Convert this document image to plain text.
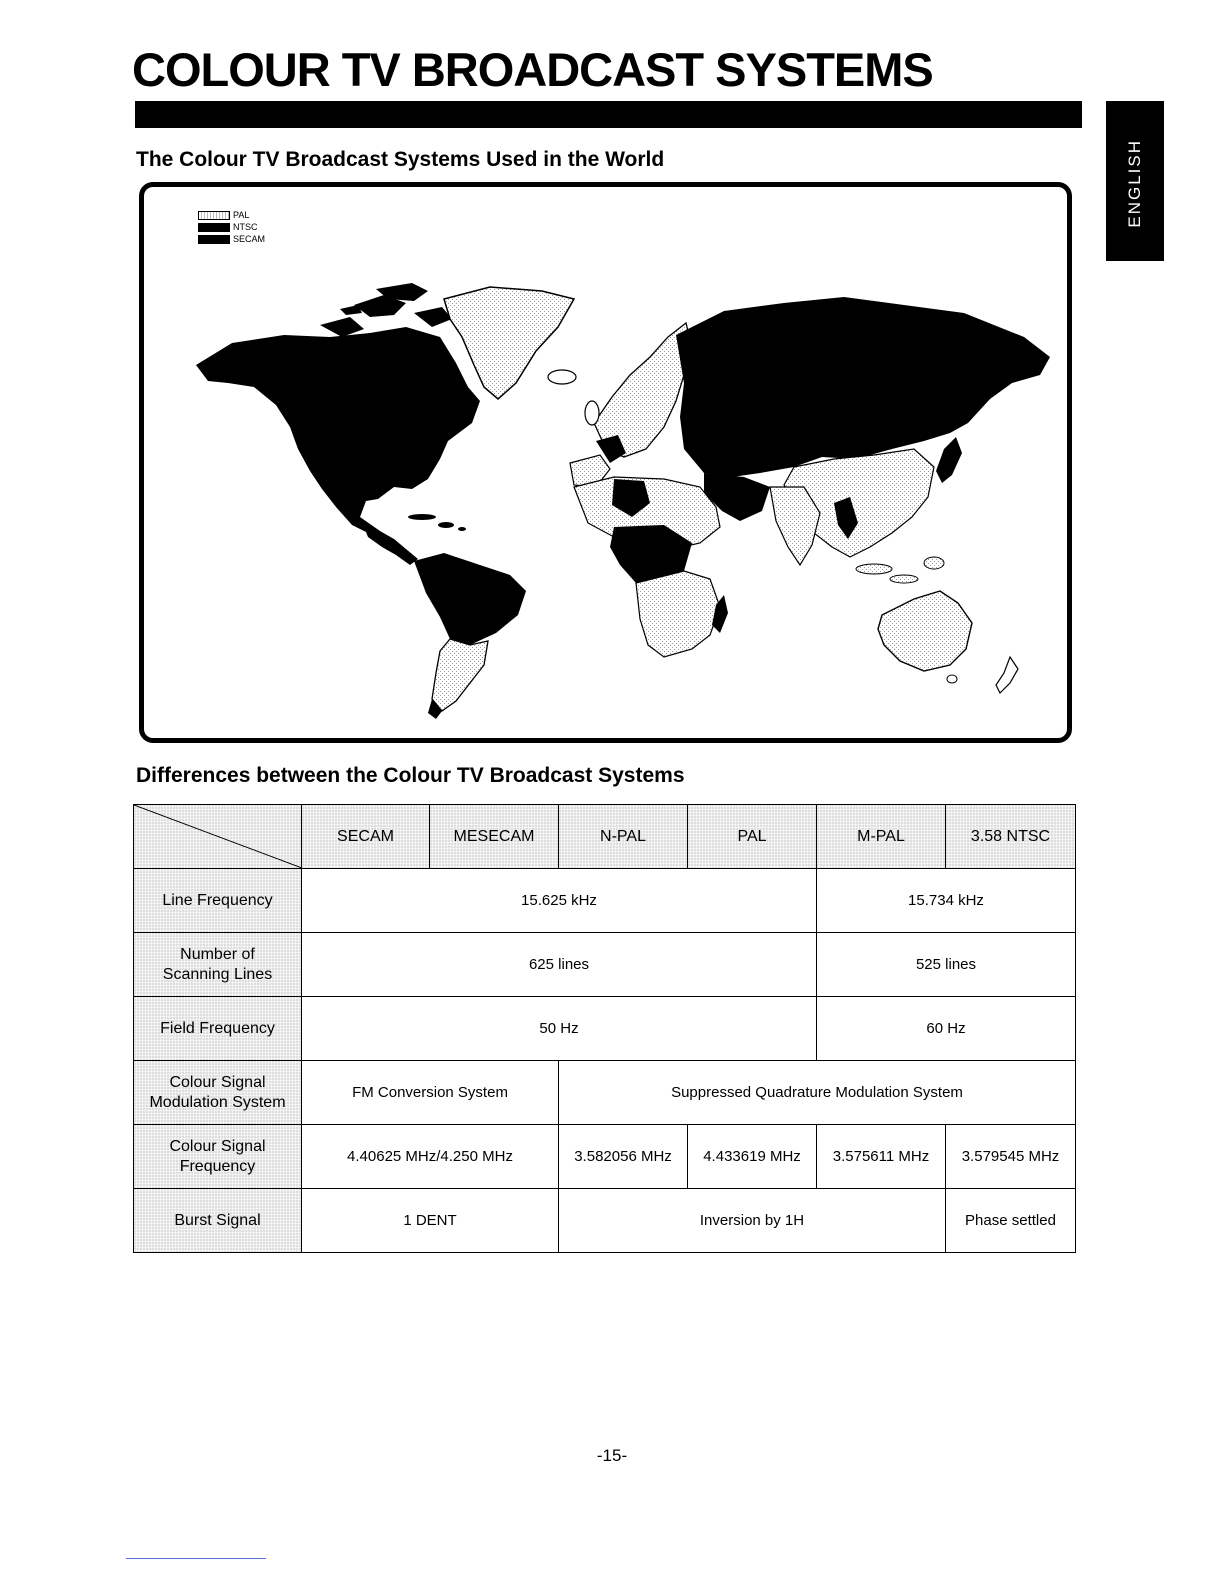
COLOUR TV BROADCAST SYSTEMS
ENGLISH
The Colour TV Broadcast Systems Used in the World
PAL
NTSC
SECAM
Differences between the Colour TV Broadcast Systems
	SECAM	MESECAM	N-PAL	PAL	M-PAL	3.58 NTSC
Line Frequency	15.625 kHz				15.734 kHz	

Number of
Scanning Lines	625 lines				525 lines	
Field Frequency	50 Hz				60 Hz	

Colour Signal
Modulation System	FM Conversion System		Suppressed Quadrature Modulation System			

Colour Signal
Frequency	4.40625 MHz/4.250 MHz		3.582056 MHz	4.433619 MHz	3.575611 MHz	3.579545 MHz
Burst Signal	1 DENT		Inversion by 1H			Phase settled
-15-
